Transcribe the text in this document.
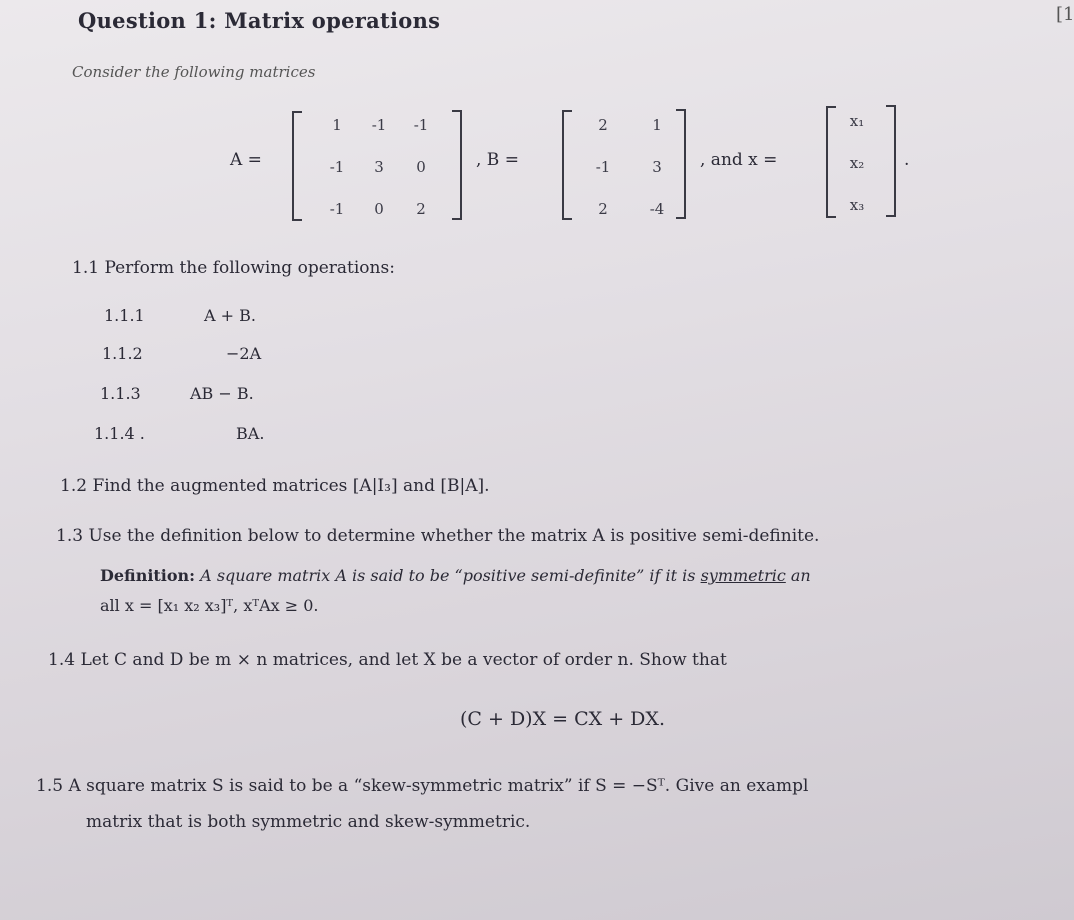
Question 1: Matrix operations	[1
Consider the following matrices
A =
1	-1	-1
-1	3	0
-1	0	2
, B =
2	1
-1	3
2	-4
, and x =
x₁
x₂
x₃
.
1.1 Perform the following operations:
1.1.1	A + B.
1.1.2	−2A
1.1.3	AB − B.
1.1.4 .	BA.
1.2 Find the augmented matrices [A|I₃] and [B|A].
1.3 Use the definition below to determine whether the matrix A is positive semi-definite.
Definition: A square matrix A is said to be “positive semi-definite” if it is symmetric an
all x = [x₁ x₂ x₃]ᵀ, xᵀAx ≥ 0.
1.4 Let C and D be m × n matrices, and let X be a vector of order n. Show that
(C + D)X = CX + DX.
1.5 A square matrix S is said to be a “skew-symmetric matrix” if S = −Sᵀ. Give an exampl
matrix that is both symmetric and skew-symmetric.
